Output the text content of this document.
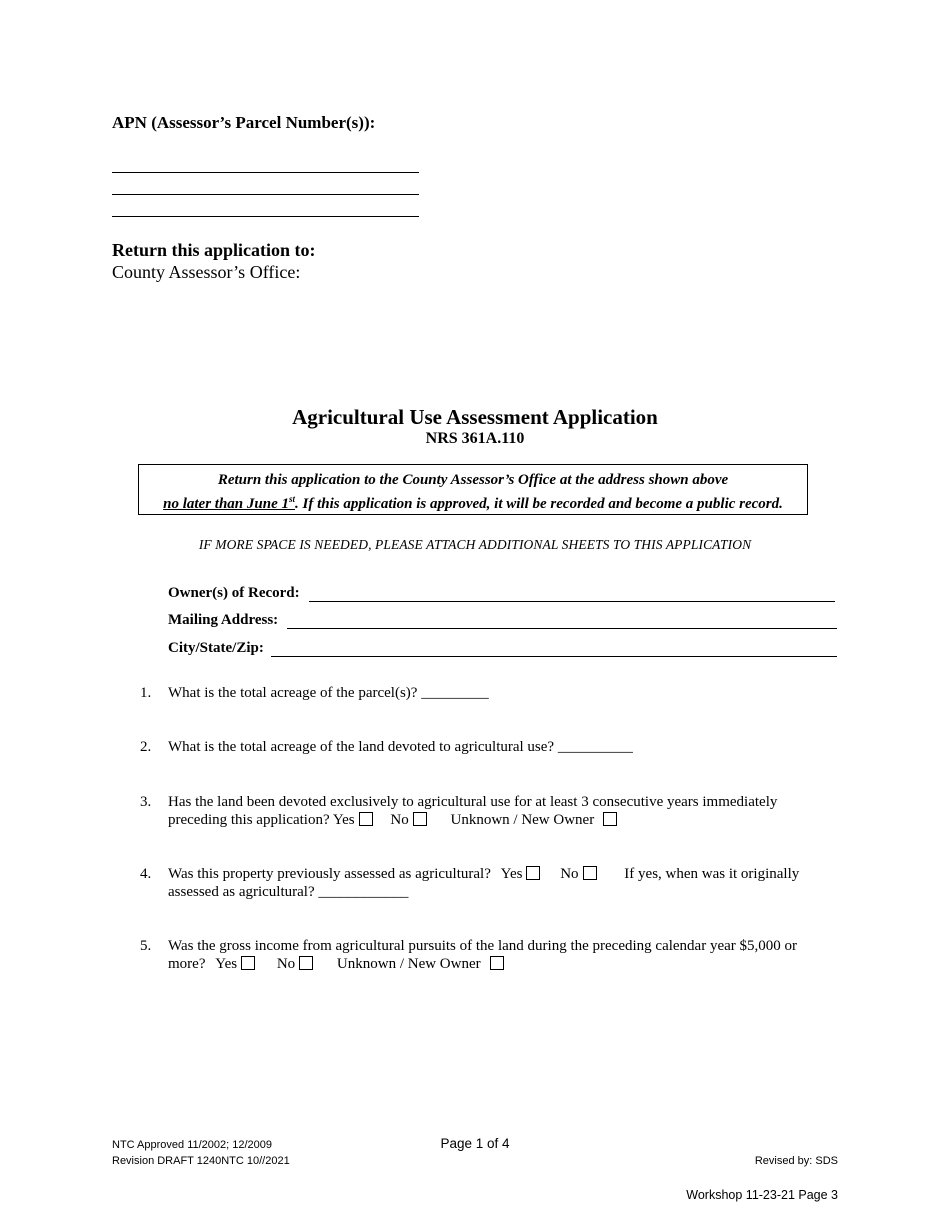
APN (Assessor’s Parcel Number(s)):
Return this application to:
County Assessor’s Office:
Agricultural Use Assessment Application
NRS 361A.110
Return this application to the County Assessor’s Office at the address shown above
no later than June 1st. If this application is approved, it will be recorded and become a public record.
IF MORE SPACE IS NEEDED, PLEASE ATTACH ADDITIONAL SHEETS TO THIS APPLICATION
Owner(s) of Record:
Mailing Address:
City/State/Zip:
1. What is the total acreage of the parcel(s)? _________
2. What is the total acreage of the land devoted to agricultural use? __________
3. Has the land been devoted exclusively to agricultural use for at least 3 consecutive years immediately
preceding this application? Yes No	Unknown / New Owner
4. Was this property previously assessed as agricultural? Yes	No	If yes, when was it originally
assessed as agricultural? ____________
5. Was the gross income from agricultural pursuits of the land during the preceding calendar year $5,000 or
more? Yes	No	Unknown / New Owner
NTC Approved 11/2002; 12/2009
Revision DRAFT 1240NTC 10//2021
Page 1 of 4
Revised by: SDS
Workshop 11-23-21 Page 3
